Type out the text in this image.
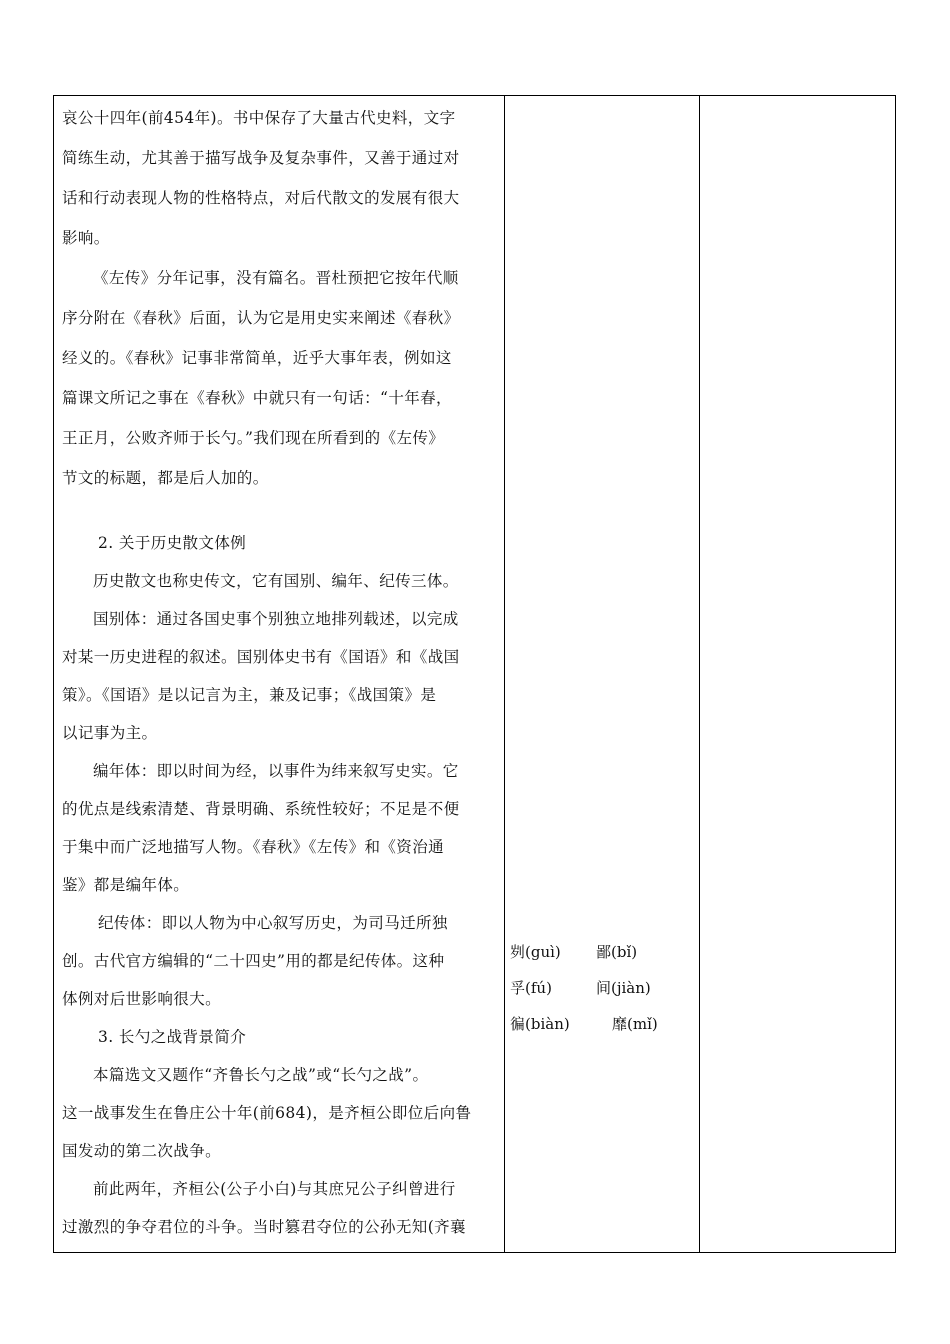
哀公十四年(前454年)。书中保存了大量古代史料，文字
简练生动，尤其善于描写战争及复杂事件，又善于通过对
话和行动表现人物的性格特点，对后代散文的发展有很大
影响。
《左传》分年记事，没有篇名。晋杜预把它按年代顺
序分附在《春秋》后面，认为它是用史实来阐述《春秋》
经义的。《春秋》记事非常简单，近乎大事年表，例如这
篇课文所记之事在《春秋》中就只有一句话：“十年春，
王正月，公败齐师于长勺。”我们现在所看到的《左传》
节文的标题，都是后人加的。
2. 关于历史散文体例
历史散文也称史传文，它有国别、编年、纪传三体。
国别体：通过各国史事个别独立地排列载述，以完成
对某一历史进程的叙述。国别体史书有《国语》和《战国
策》。《国语》是以记言为主，兼及记事；《战国策》是
以记事为主。
编年体：即以时间为经，以事件为纬来叙写史实。它
的优点是线索清楚、背景明确、系统性较好；不足是不便
于集中而广泛地描写人物。《春秋》《左传》和《资治通
鉴》都是编年体。
纪传体：即以人物为中心叙写历史，为司马迁所独
创。古代官方编辑的“二十四史”用的都是纪传体。这种
体例对后世影响很大。
3. 长勺之战背景简介
本篇选文又题作“齐鲁长勺之战”或“长勺之战”。
这一战事发生在鲁庄公十年(前684)，是齐桓公即位后向鲁
国发动的第二次战争。
前此两年，齐桓公(公子小白)与其庶兄公子纠曾进行
过激烈的争夺君位的斗争。当时篡君夺位的公孙无知(齐襄
刿(guì) 鄙(bǐ)
孚(fú)	间(jiàn)
徧(biàn)	靡(mǐ)
